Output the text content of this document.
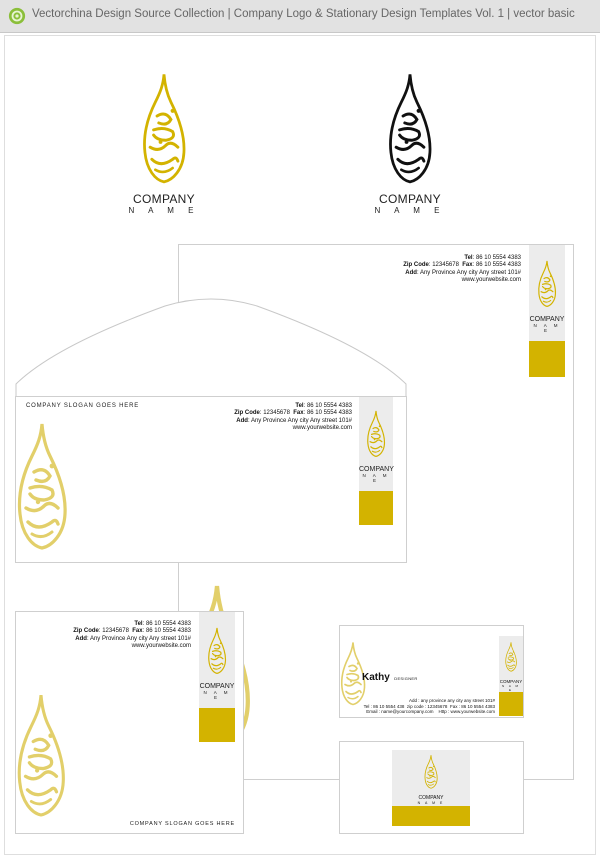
Vectorchina Design Source Collection | Company Logo & Stationary Design Templates Vol. 1 | vector basic
COMPANY
N A M E
COMPANY
N A M E
Tel: 86 10 5554 4383
Zip Code: 12345678 Fax: 86 10 5554 4383
Add: Any Province Any city Any street 101#
www.yourwebsite.com
COMPANY
N A M E
COMPANY SLOGAN GOES HERE	Tel: 86 10 5554 4383
Zip Code: 12345678 Fax: 86 10 5554 4383
Add: Any Province Any city Any street 101#
www.yourwebsite.com
COMPANY
N A M E
Tel: 86 10 5554 4383
Zip Code: 12345678 Fax: 86 10 5554 4383
Add: Any Province Any city Any street 101#
www.yourwebsite.com
COMPANY
N A M E
COMPANY SLOGAN GOES HERE
Kathy DESIGNER
Add : any province any city any street 101#
Tel : 86 10 5554 438 zip code : 12345678 Fax : 86 10 5554 4383
Email : name@yourcompany.com Http : www.yourwebsite.com
COMPANY
N A M E
COMPANY
N A M E
